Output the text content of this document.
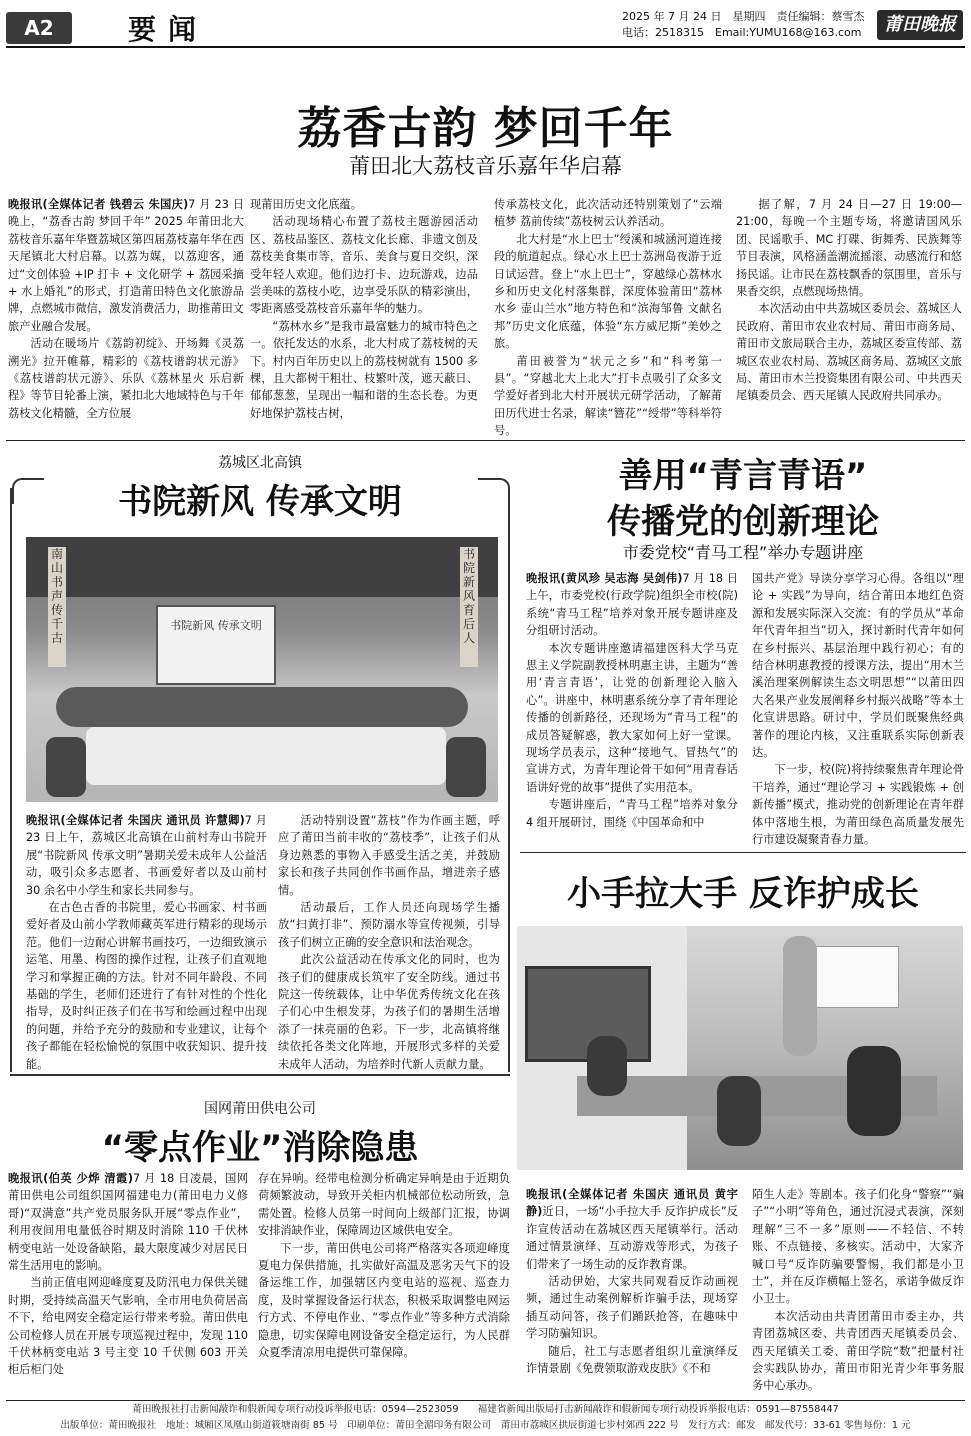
A2	要闻	2025 年 7 月 24 日　星期四　责任编辑：蔡雪杰
电话：2518315　Email:YUMU168@163.com	莆田晚报
荔香古韵 梦回千年
莆田北大荔枝音乐嘉年华启幕

晚报讯(全媒体记者 钱碧云 朱国庆)7 月 23 日晚上，“荔香古韵 梦回千年” 2025 年莆田北大荔枝音乐嘉年华暨荔城区第四届荔枝嘉年华在西天尾镇北大村启幕。以荔为媒，以荔迎客，通过“文创体验 +IP 打卡 + 文化研学 + 荔园采摘 + 水上婚礼”的形式，打造莆田特色文化旅游品牌，点燃城市微信，激发消费活力，助推莆田文旅产业融合发展。

活动在暖场片《荔韵初绽》、开场舞《灵荔溯光》拉开帷幕，精彩的《荔枝谱韵状元游》《荔枝谱韵状元游》、乐队《荔林星火 乐启新程》等节目轮番上演，紧扣北大地域特色与千年荔枝文化精髓，全方位展

现莆田历史文化底蕴。

活动现场精心布置了荔枝主题游园活动区、荔枝品鉴区、荔枝文化长廊、非遗文创及荔枝美食集市等，音乐、美食与夏日交织，深受年轻人欢迎。他们边打卡、边玩游戏，边品尝美味的荔枝小吃，边享受乐队的精彩演出，零距离感受荔枝音乐嘉年华的魅力。

“荔林水乡”是我市最富魅力的城市特色之一。依托发达的水系，北大村成了荔枝树的天下。村内百年历史以上的荔枝树就有 1500 多棵，且大都树干粗壮、枝繁叶茂，遮天蔽日、郁郁葱葱，呈现出一幅和谐的生态长卷。为更好地保护荔枝古树，

传承荔枝文化，此次活动还特别策划了“云端植梦 荔前传续”荔枝树云认养活动。

北大村是“水上巴士”绶溪和城涵河道连接段的航道起点。绿心水上巴士荔洲岛夜游于近日试运营。登上“水上巴士”，穿越绿心荔林水乡和历史文化村落集群，深度体验莆田“荔林水乡 壶山兰水”地方特色和“滨海邹鲁 文献名邦”历史文化底蕴，体验“东方威尼斯”美妙之旅。

莆田被誉为“状元之乡”和“科考第一县”。“穿越北大上北大”打卡点吸引了众多文学爱好者到北大村开展状元研学活动，了解莆田历代进士名录，解读“簪花”“绶带”等科举符号。

据了解，7 月 24 日—27 日 19:00—21:00，每晚一个主题专场，将邀请国风乐团、民谣歌手、MC 打碟、街舞秀、民族舞等节目表演，风格涵盖潮流摇滚、动感流行和悠扬民谣。让市民在荔枝飘香的氛围里，音乐与果香交织，点燃现场热情。

本次活动由中共荔城区委员会、荔城区人民政府、莆田市农业农村局、莆田市商务局、莆田市文旅局联合主办，荔城区委宣传部、荔城区农业农村局、荔城区商务局、荔城区文旅局、莆田市木兰投资集团有限公司、中共西天尾镇委员会、西天尾镇人民政府共同承办。

荔城区北高镇
书院新风 传承文明
南山书声传千古
书院新风育后人
书院新风 传承文明

晚报讯(全媒体记者 朱国庆 通讯员 许慧卿)7 月 23 日上午，荔城区北高镇在山前村寿山书院开展“书院新风 传承文明”暑期关爱未成年人公益活动，吸引众多志愿者、书画爱好者以及山前村 30 余名中小学生和家长共同参与。

在古色古香的书院里，爱心书画家、村书画爱好者及山前小学教师藏英军进行精彩的现场示范。他们一边耐心讲解书画技巧，一边细致演示运笔、用墨、构图的操作过程，让孩子们直观地学习和掌握正确的方法。针对不同年龄段、不同基础的学生，老师们还进行了有针对性的个性化指导，及时纠正孩子们在书写和绘画过程中出现的问题，并给予充分的鼓励和专业建议，让每个孩子都能在轻松愉悦的氛围中收获知识、提升技能。

活动特别设置“荔枝”作为作画主题，呼应了莆田当前丰收的“荔枝季”，让孩子们从身边熟悉的事物入手感受生活之美，并鼓励家长和孩子共同创作书画作品，增进亲子感情。

活动最后，工作人员还向现场学生播放“扫黄打非”、预防溺水等宣传视频，引导孩子们树立正确的安全意识和法治观念。

此次公益活动在传承文化的同时，也为孩子们的健康成长筑牢了安全防线。通过书院这一传统载体，让中华优秀传统文化在孩子们心中生根发芽，为孩子们的暑期生活增添了一抹亮丽的色彩。下一步，北高镇将继续依托各类文化阵地，开展形式多样的关爱未成年人活动，为培养时代新人贡献力量。

善用“青言青语”
传播党的创新理论
市委党校“青马工程”举办专题讲座

晚报讯(黄风珍 吴志海 吴剑伟)7 月 18 日上午，市委党校(行政学院)组织全市校(院)系统“青马工程”培养对象开展专题讲座及分组研讨活动。

本次专题讲座邀请福建医科大学马克思主义学院副教授林明惠主讲，主题为“善用‘青言青语’，让党的创新理论入脑入心”。讲座中，林明惠系统分享了青年理论传播的创新路径，还现场为“青马工程”的成员答疑解惑，教大家如何上好一堂课。现场学员表示，这种“接地气、冒热气”的宣讲方式，为青年理论骨干如何“用青春话语讲好党的故事”提供了实用范本。

专题讲座后，“青马工程”培养对象分 4 组开展研讨，围绕《中国革命和中

国共产党》导读分享学习心得。各组以“理论 + 实践”为导向，结合莆田本地红色资源和发展实际深入交流：有的学员从“革命年代青年担当”切入，探讨新时代青年如何在乡村振兴、基层治理中践行初心；有的结合林明惠教授的授课方法，提出“用木兰溪治理案例解读生态文明思想”“以莆田四大名果产业发展阐释乡村振兴战略”等本土化宣讲思路。研讨中，学员们既聚焦经典著作的理论内核，又注重联系实际创新表达。

下一步，校(院)将持续聚焦青年理论骨干培养，通过“理论学习 + 实践锻炼 + 创新传播”模式，推动党的创新理论在青年群体中落地生根，为莆田绿色高质量发展先行市建设凝聚青春力量。

小手拉大手 反诈护成长

晚报讯(全媒体记者 朱国庆 通讯员 黄宇静)近日，一场“小手拉大手 反诈护成长”反诈宣传活动在荔城区西天尾镇举行。活动通过情景演绎、互动游戏等形式，为孩子们带来了一场生动的反诈教育课。

活动伊始，大家共同观看反诈动画视频，通过生动案例解析诈骗手法，现场穿插互动问答，孩子们踊跃抢答，在趣味中学习防骗知识。

随后，社工与志愿者组织儿童演绎反诈情景剧《免费领取游戏皮肤》《不和

陌生人走》等剧本。孩子们化身“警察”“骗子”“小明”等角色，通过沉浸式表演，深刻理解“三不一多”原则——不轻信、不转账、不点链接、多核实。活动中，大家齐喊口号“反诈防骗要警惕，我们都是小卫士”，并在反诈横幅上签名，承诺争做反诈小卫士。

本次活动由共青团莆田市委主办，共青团荔城区委、共青团西天尾镇委员会、西天尾镇关工委、莆田学院“数”把量村社会实践队协办，莆田市阳光青少年事务服务中心承办。

国网莆田供电公司
“零点作业”消除隐患

晚报讯(伯英 少烨 清霞)7 月 18 日凌晨，国网莆田供电公司组织国网福建电力(莆田电力义修哥)“双满意”共产党员服务队开展“零点作业”，利用夜间用电量低谷时期及时消除 110 千伏林柄变电站一处设备缺陷，最大限度减少对居民日常生活用电的影响。

当前正值电网迎峰度夏及防汛电力保供关键时期，受持续高温天气影响，全市用电负荷居高不下，给电网安全稳定运行带来考验。莆田供电公司检修人员在开展专项巡视过程中，发现 110 千伏林柄变电站 3 号主变 10 千伏侧 603 开关柜后柜门处

存在异响。经带电检测分析确定异响是由于近期负荷频繁波动，导致开关柜内机械部位松动所致，急需处置。检修人员第一时间向上级部门汇报，协调安排消缺作业，保障周边区域供电安全。

下一步，莆田供电公司将严格落实各项迎峰度夏电力保供措施，扎实做好高温及恶劣天气下的设备运维工作，加强辖区内变电站的巡视、巡查力度，及时掌握设备运行状态，积极采取调整电网运行方式、不停电作业、“零点作业”等多种方式消除隐患，切实保障电网设备安全稳定运行，为人民群众夏季清凉用电提供可靠保障。

莆田晚报社打击新闻敲诈和假新闻专项行动投诉举报电话：0594—2523059　　福建省新闻出版局打击新闻敲诈和假新闻专项行动投诉举报电话：0591—87558447
出版单位：莆田晚报社　地址：城厢区凤凰山街道筱塘南街 85 号　印刷单位：莆田全湄印务有限公司　莆田市荔城区拱辰街道七步村郊西 222 号　发行方式：邮发　邮发代号：33-61 零售每份：1 元
